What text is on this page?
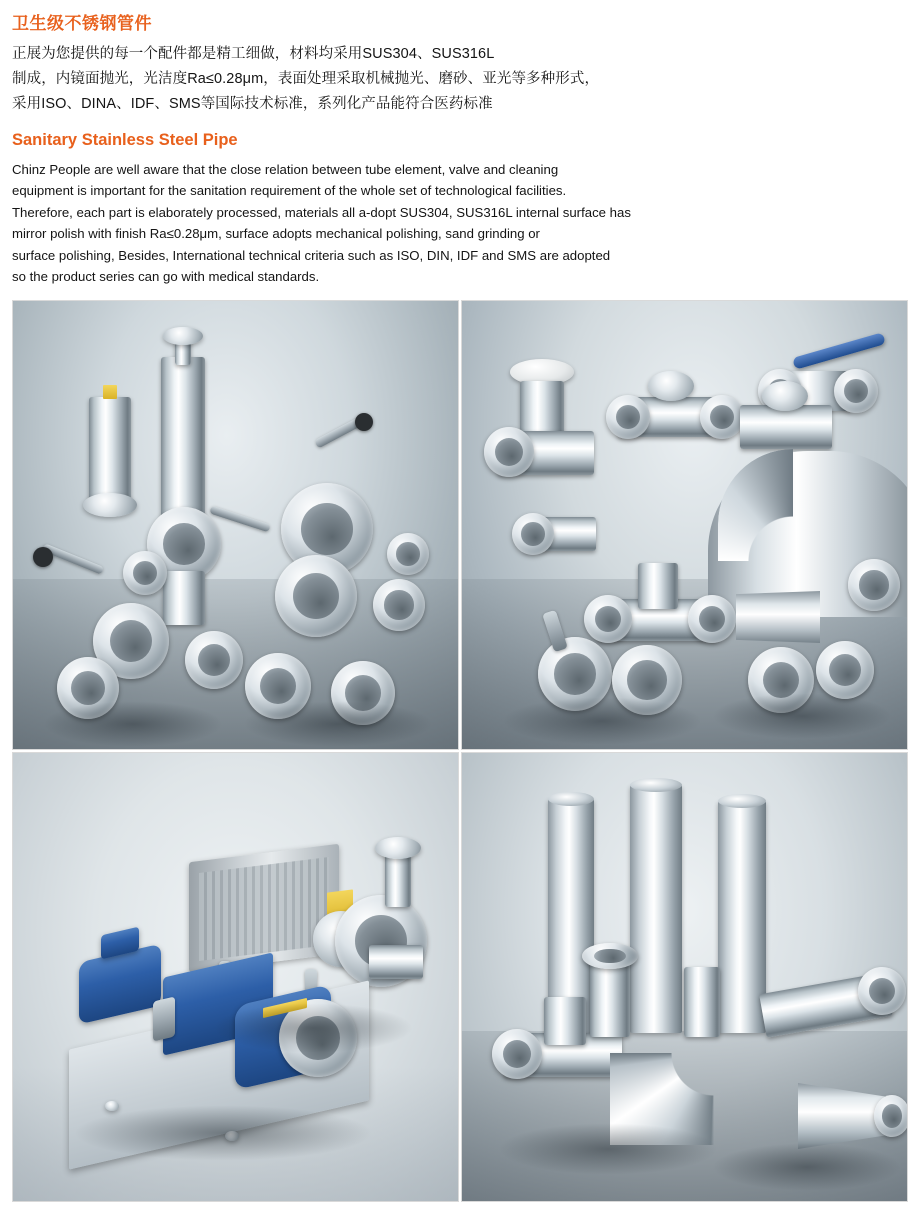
卫生级不锈钢管件
正展为您提供的每一个配件都是精工细做，材料均采用SUS304、SUS316L
制成，内镜面抛光，光洁度Ra≤0.28μm，表面处理采取机械抛光、磨砂、亚光等多种形式，
采用ISO、DINA、IDF、SMS等国际技术标准，系列化产品能符合医药标准
Sanitary Stainless Steel Pipe
Chinz People are well aware that the close relation between tube element, valve and cleaning
equipment is important for the sanitation requirement of the whole set of technological facilities.
Therefore, each part is elaborately processed, materials all a-dopt SUS304, SUS316L internal surface has
mirror polish with finish Ra≤0.28μm, surface adopts mechanical polishing, sand grinding or
surface polishing, Besides, International technical criteria such as ISO, DIN, IDF and SMS are adopted
so the product series can go with medical standards.
